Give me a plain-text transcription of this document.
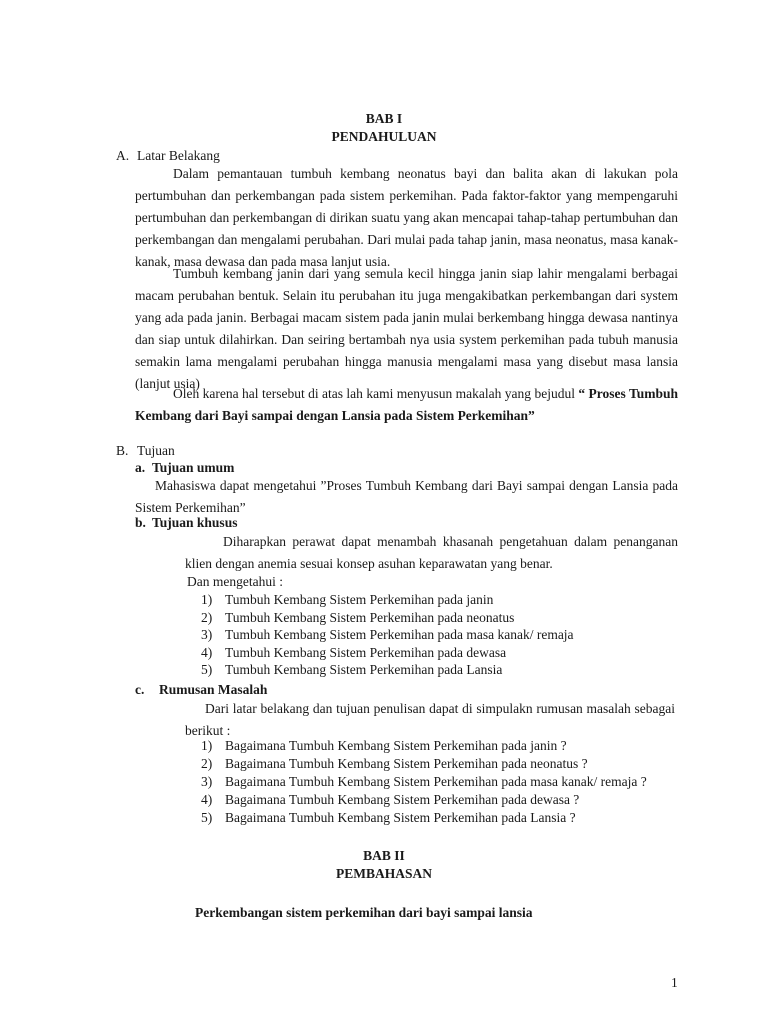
BAB I
PENDAHULUAN
A. Latar Belakang
Dalam pemantauan tumbuh kembang neonatus bayi dan balita akan di lakukan pola pertumbuhan dan perkembangan pada sistem perkemihan. Pada faktor-faktor yang mempengaruhi pertumbuhan dan perkembangan di dirikan suatu yang akan mencapai tahap-tahap pertumbuhan dan perkembangan dan mengalami perubahan. Dari mulai pada tahap janin, masa neonatus, masa kanak-kanak, masa dewasa dan pada masa lanjut usia.
Tumbuh kembang janin dari yang semula kecil hingga janin siap lahir mengalami berbagai macam perubahan bentuk. Selain itu perubahan itu juga mengakibatkan perkembangan dari system yang ada pada janin. Berbagai macam sistem pada janin mulai berkembang hingga dewasa nantinya dan siap untuk dilahirkan. Dan seiring bertambah nya usia system perkemihan pada tubuh manusia semakin lama mengalami perubahan hingga manusia mengalami masa yang disebut masa lansia (lanjut usia)
Oleh karena hal tersebut di atas lah kami menyusun makalah yang bejudul “ Proses Tumbuh Kembang dari Bayi sampai dengan Lansia pada Sistem Perkemihan”
B. Tujuan
a. Tujuan umum
Mahasiswa dapat mengetahui ”Proses Tumbuh Kembang dari Bayi sampai dengan Lansia pada Sistem Perkemihan”
b. Tujuan khusus
Diharapkan perawat dapat menambah khasanah pengetahuan dalam penanganan klien dengan anemia sesuai konsep asuhan keparawatan yang benar.
Dan mengetahui :
1) Tumbuh Kembang Sistem Perkemihan pada janin
2) Tumbuh Kembang Sistem Perkemihan pada neonatus
3) Tumbuh Kembang Sistem Perkemihan pada masa kanak/ remaja
4) Tumbuh Kembang Sistem Perkemihan pada dewasa
5) Tumbuh Kembang Sistem Perkemihan pada Lansia
c. Rumusan Masalah
Dari latar belakang dan tujuan penulisan dapat di simpulakn rumusan masalah sebagai berikut :
1) Bagaimana Tumbuh Kembang Sistem Perkemihan pada janin ?
2) Bagaimana Tumbuh Kembang Sistem Perkemihan pada neonatus ?
3) Bagaimana Tumbuh Kembang Sistem Perkemihan pada masa kanak/ remaja ?
4) Bagaimana Tumbuh Kembang Sistem Perkemihan pada dewasa ?
5) Bagaimana Tumbuh Kembang Sistem Perkemihan pada Lansia ?
BAB II
PEMBAHASAN
Perkembangan sistem perkemihan dari bayi sampai lansia
1
